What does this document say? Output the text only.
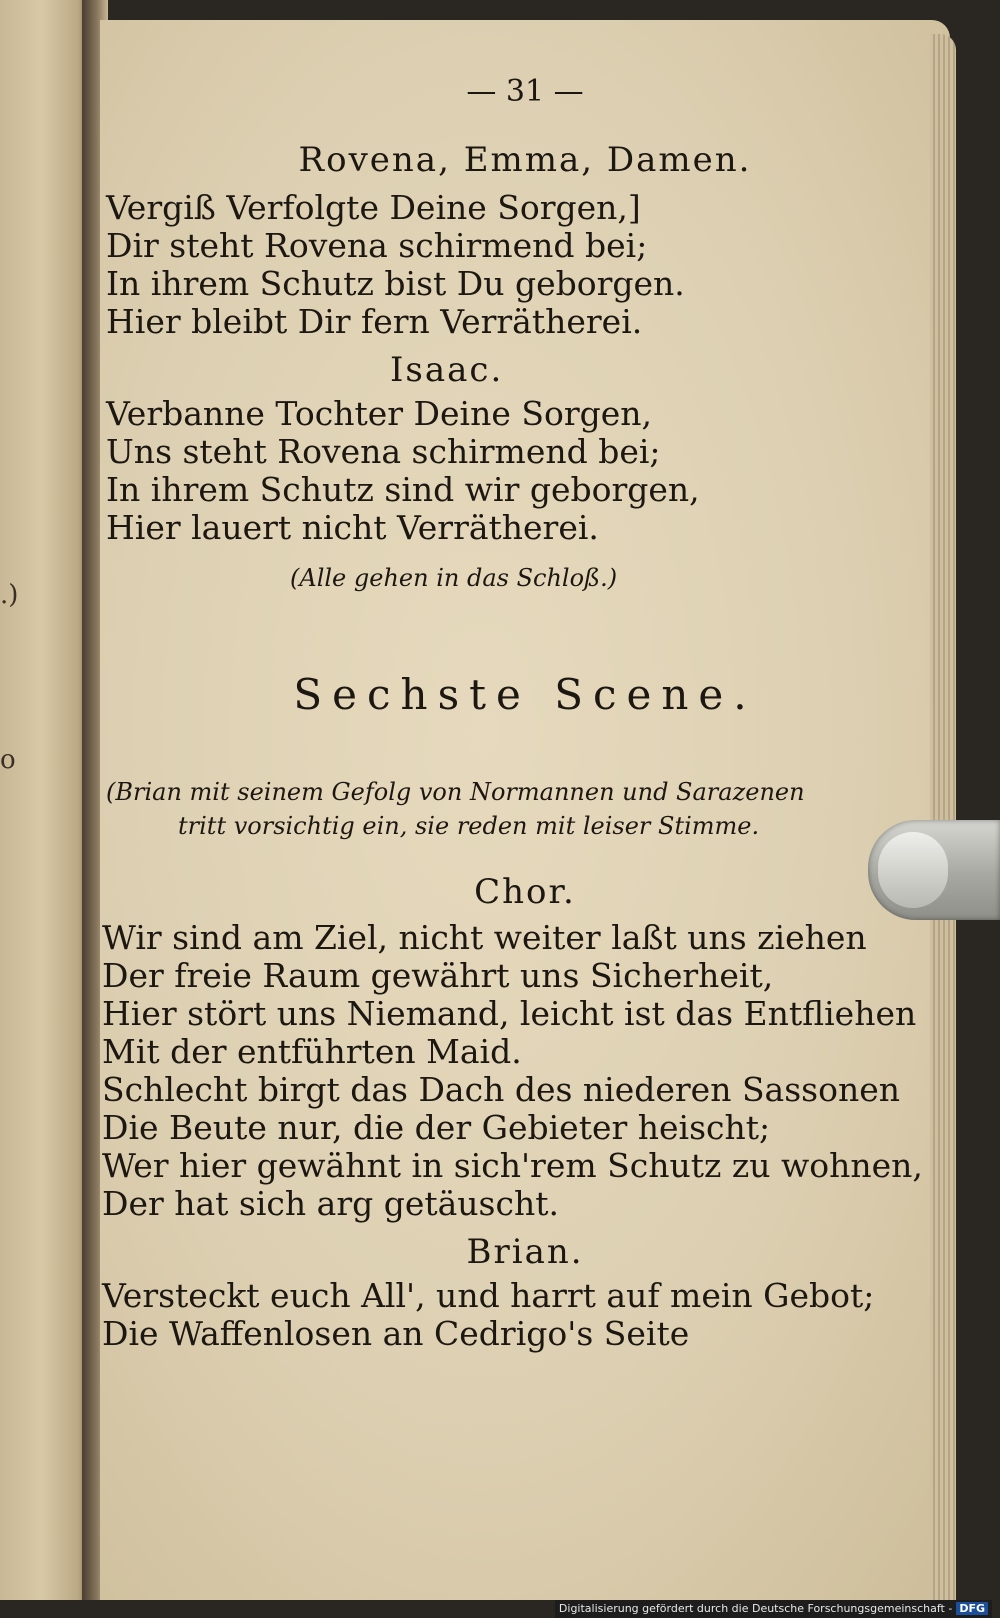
.)
o
— 31 —
Rovena, Emma, Damen.
Vergiß Verfolgte Deine Sorgen,]
Dir steht Rovena schirmend bei;
In ihrem Schutz bist Du geborgen.
Hier bleibt Dir fern Verrätherei.
Isaac.
Verbanne Tochter Deine Sorgen,
Uns steht Rovena schirmend bei;
In ihrem Schutz sind wir geborgen,
Hier lauert nicht Verrätherei.
(Alle gehen in das Schloß.)
Sechste Scene.
(Brian mit seinem Gefolg von Normannen und Sarazenen
tritt vorsichtig ein, sie reden mit leiser Stimme.
Chor.
Wir sind am Ziel, nicht weiter laßt uns ziehen
Der freie Raum gewährt uns Sicherheit,
Hier stört uns Niemand, leicht ist das Entfliehen
Mit der entführten Maid.
Schlecht birgt das Dach des niederen Sassonen
Die Beute nur, die der Gebieter heischt;
Wer hier gewähnt in sich'rem Schutz zu wohnen,
Der hat sich arg getäuscht.
Brian.
Versteckt euch All', und harrt auf mein Gebot;
Die Waffenlosen an Cedrigo's Seite
Digitalisierung gefördert durch die Deutsche Forschungsgemeinschaft - DFG
